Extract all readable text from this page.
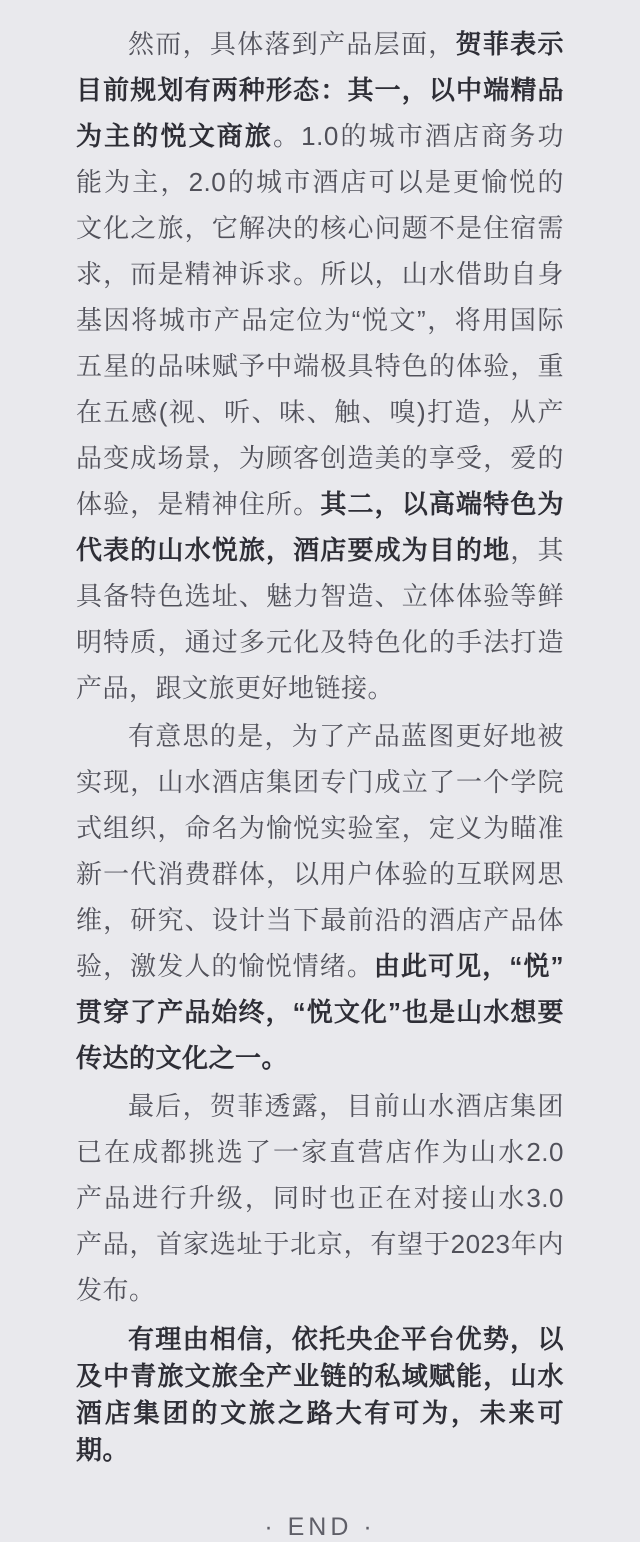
然而，具体落到产品层面，贺菲表示目前规划有两种形态：其一，以中端精品为主的悦文商旅。1.0的城市酒店商务功能为主，2.0的城市酒店可以是更愉悦的文化之旅，它解决的核心问题不是住宿需求，而是精神诉求。所以，山水借助自身基因将城市产品定位为“悦文”，将用国际五星的品味赋予中端极具特色的体验，重在五感(视、听、味、触、嗅)打造，从产品变成场景，为顾客创造美的享受，爱的体验，是精神住所。其二，以高端特色为代表的山水悦旅，酒店要成为目的地，其具备特色选址、魅力智造、立体体验等鲜明特质，通过多元化及特色化的手法打造产品，跟文旅更好地链接。

有意思的是，为了产品蓝图更好地被实现，山水酒店集团专门成立了一个学院式组织，命名为愉悦实验室，定义为瞄准新一代消费群体，以用户体验的互联网思维，研究、设计当下最前沿的酒店产品体验，激发人的愉悦情绪。由此可见，“悦”贯穿了产品始终，“悦文化”也是山水想要传达的文化之一。

最后，贺菲透露，目前山水酒店集团已在成都挑选了一家直营店作为山水2.0产品进行升级，同时也正在对接山水3.0产品，首家选址于北京，有望于2023年内发布。

有理由相信，依托央企平台优势，以及中青旅文旅全产业链的私域赋能，山水酒店集团的文旅之路大有可为，未来可期。

· END ·
